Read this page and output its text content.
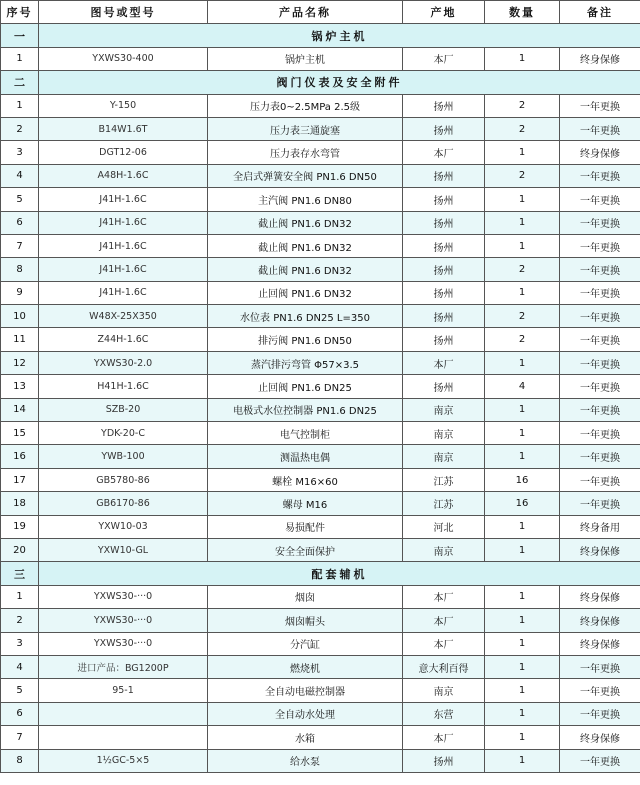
序号	图号或型号	产品名称	产地	数量	备注
一	锅炉主机				
1	YXWS30-400	锅炉主机	本厂	1	终身保修
二	阀门仪表及安全附件				
1	Y-150	压力表0~2.5MPa 2.5级	扬州	2	一年更换
2	B14W1.6T	压力表三通旋塞	扬州	2	一年更换
3	DGT12-06	压力表存水弯管	本厂	1	终身保修
4	A48H-1.6C	全启式弹簧安全阀 PN1.6 DN50	扬州	2	一年更换
5	J41H-1.6C	主汽阀 PN1.6 DN80	扬州	1	一年更换
6	J41H-1.6C	截止阀 PN1.6 DN32	扬州	1	一年更换
7	J41H-1.6C	截止阀 PN1.6 DN32	扬州	1	一年更换
8	J41H-1.6C	截止阀 PN1.6 DN32	扬州	2	一年更换
9	J41H-1.6C	止回阀 PN1.6 DN32	扬州	1	一年更换
10	W48X-25X350	水位表 PN1.6 DN25 L=350	扬州	2	一年更换
11	Z44H-1.6C	排污阀 PN1.6 DN50	扬州	2	一年更换
12	YXWS30-2.0	蒸汽排污弯管 Φ57×3.5	本厂	1	一年更换
13	H41H-1.6C	止回阀 PN1.6 DN25	扬州	4	一年更换
14	SZB-20	电极式水位控制器 PN1.6 DN25	南京	1	一年更换
15	YDK-20-C	电气控制柜	南京	1	一年更换
16	YWB-100	测温热电偶	南京	1	一年更换
17	GB5780-86	螺栓 M16×60	江苏	16	一年更换
18	GB6170-86	螺母 M16	江苏	16	一年更换
19	YXW10-03	易损配件	河北	1	终身备用
20	YXW10-GL	安全全面保护	南京	1	终身保修
三	配套辅机				
1	YXWS30-···0	烟囱	本厂	1	终身保修
2	YXWS30-···0	烟囱帽头	本厂	1	终身保修
3	YXWS30-···0	分汽缸	本厂	1	终身保修
4	进口产品：BG1200P	燃烧机	意大利百得	1	一年更换
5	95-1	全自动电磁控制器	南京	1	一年更换
6		全自动水处理	东营	1	一年更换
7		水箱	本厂	1	终身保修
8	1½GC-5×5	给水泵	扬州	1	一年更换
